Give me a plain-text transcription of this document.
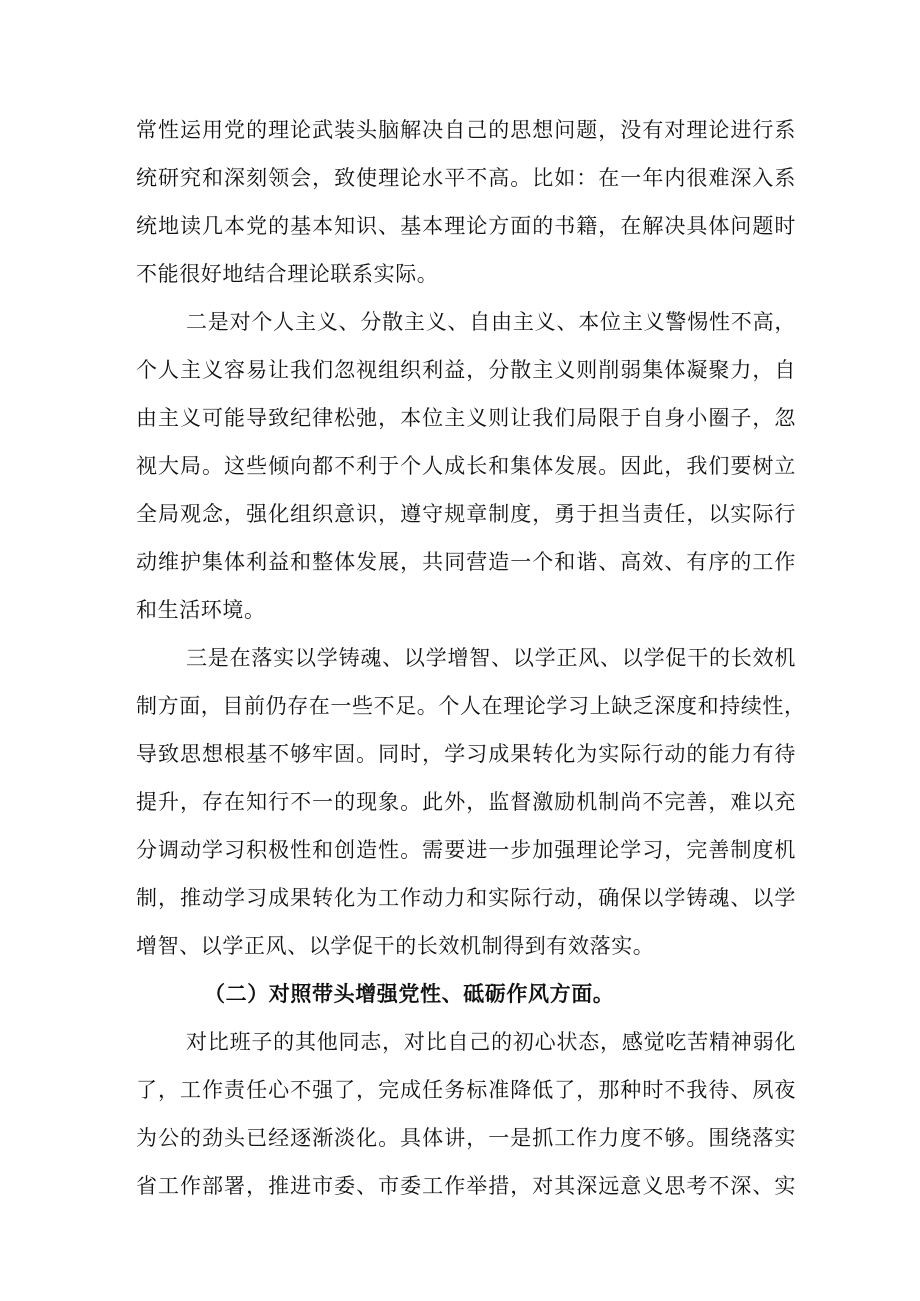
常性运用党的理论武装头脑解决自己的思想问题，没有对理论进行系
统研究和深刻领会，致使理论水平不高。比如：在一年内很难深入系
统地读几本党的基本知识、基本理论方面的书籍，在解决具体问题时
不能很好地结合理论联系实际。
二是对个人主义、分散主义、自由主义、本位主义警惕性不高，
个人主义容易让我们忽视组织利益，分散主义则削弱集体凝聚力，自
由主义可能导致纪律松弛，本位主义则让我们局限于自身小圈子，忽
视大局。这些倾向都不利于个人成长和集体发展。因此，我们要树立
全局观念，强化组织意识，遵守规章制度，勇于担当责任，以实际行
动维护集体利益和整体发展，共同营造一个和谐、高效、有序的工作
和生活环境。
三是在落实以学铸魂、以学增智、以学正风、以学促干的长效机
制方面，目前仍存在一些不足。个人在理论学习上缺乏深度和持续性，
导致思想根基不够牢固。同时，学习成果转化为实际行动的能力有待
提升，存在知行不一的现象。此外，监督激励机制尚不完善，难以充
分调动学习积极性和创造性。需要进一步加强理论学习，完善制度机
制，推动学习成果转化为工作动力和实际行动，确保以学铸魂、以学
增智、以学正风、以学促干的长效机制得到有效落实。
（二）对照带头增强党性、砥砺作风方面。
对比班子的其他同志，对比自己的初心状态，感觉吃苦精神弱化
了，工作责任心不强了，完成任务标准降低了，那种时不我待、夙夜
为公的劲头已经逐渐淡化。具体讲，一是抓工作力度不够。围绕落实
省工作部署，推进市委、市委工作举措，对其深远意义思考不深、实
